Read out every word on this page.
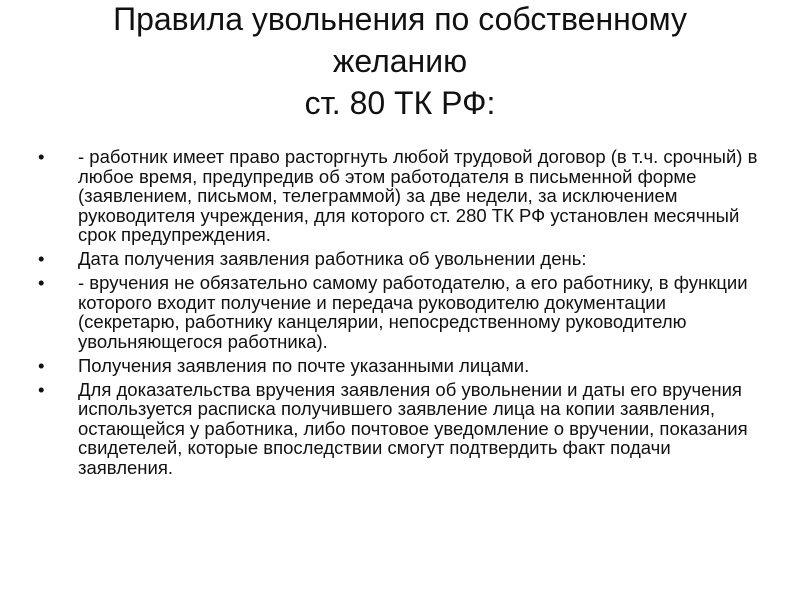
Правила увольнения по собственному
желанию
ст. 80 ТК РФ:
•	- работник имеет право расторгнуть любой трудовой договор (в т.ч. срочный) в любое время, предупредив об этом работодателя в письменной форме (заявлением, письмом, телеграммой) за две недели, за исключением руководителя учреждения, для которого ст. 280 ТК РФ установлен месячный срок предупреждения.
•	Дата получения заявления работника об увольнении день:
•	- вручения не обязательно самому работодателю, а его работнику, в функции которого входит получение и передача руководителю документации (секретарю, работнику канцелярии, непосредственному руководителю увольняющегося работника).
•	Получения заявления по почте указанными лицами.
•	Для доказательства вручения заявления об увольнении и даты его вручения используется расписка получившего заявление лица на копии заявления, остающейся у работника, либо почтовое уведомление о вручении, показания свидетелей, которые впоследствии смогут подтвердить факт подачи заявления.
